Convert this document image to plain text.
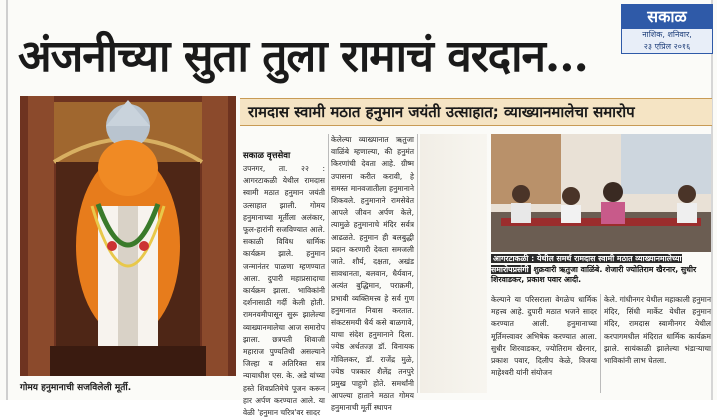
सकाळ
नाशिक, शनिवार,
२३ एप्रिल २०१६
अंजनीच्या सुता तुला रामाचं वरदान...
गोमय हनुमानाची सजविलेली मूर्ती.
रामदास स्वामी मठात हनुमान जयंती उत्साहात; व्याख्यानमालेचा समारोप
सकाळ वृत्तसेवा
उपनगर, ता. २२ : आगरटाकळी येथील रामदास स्वामी मठात हनुमान जयंती उत्साहात झाली. गोमय हनुमानाच्या मूर्तीला अलंकार, फूल-हारांनी सजविण्यात आले. सकाळी विविध धार्मिक कार्यक्रम झाले. हनुमान जन्मानंतर पाळणा म्हणण्यात आला. दुपारी महाप्रसादाचा कार्यक्रम झाला. भाविकांनी दर्शनासाठी गर्दी केली होती. रामनवमीपासून सुरू झालेल्या व्याख्यानमालेचा आज समारोप झाला. छत्रपती शिवाजी महाराज पुण्यतिथी असल्याने जिल्हा व अतिरिक्त सत्र न्यायाधीश एस. के. अडे यांच्या हस्ते शिवप्रतिमेचे पूजन करून हार अर्पण करण्यात आले. या वेळी 'हनुमान चरित्र'वर सादर
केलेल्या व्याख्यानात ऋतुजा वाळिंबे म्हणाल्या, की हनुमंत किरणांची देवता आहे. ग्रीष्म उपासना करीत करावी, हे समस्त मानवजातीला हनुमानाने शिकवले. हनुमानाने रामसेवेत आपले जीवन अर्पण केले, त्यामुळे हनुमानाचे मंदिर सर्वत्र आढळते. हनुमान ही बलबुद्धी प्रदान करणारी देवता समजली जाते. शौर्य, दक्षता, अखंड सावधानता, बलवान, धैर्यवान, अत्यंत बुद्धिमान, पराक्रमी, प्रभावी व्यक्तिमत्त्व हे सर्व गुण हनुमानात निवास करतात. संकटसमयी धैर्य कसे बाळगावे, याचा संदेश हनुमानाने दिला. ज्येष्ठ अर्थतज्ज्ञ डॉ. विनायक गोविलकर, डॉ. राजेंद्र मुळे, ज्येष्ठ पत्रकार शैलेंद्र तनपुरे प्रमुख पाहुणे होते. समर्थांनी आपल्या हाताने मठात गोमय हनुमानाची मूर्ती स्थापन
आगरटाकळी : येथील समर्थ रामदास स्वामी मठात व्याख्यानमालेच्या समारोपप्रसंगी शुक्रवारी ऋतुजा वाळिंबे. शेजारी ज्योतिराम खैरनार, सुधीर शिरवाडकर, प्रकाश पवार आदी.
केल्याने या परिसराला वेगळेच धार्मिक महत्त्व आहे. दुपारी मठात भजने सादर करण्यात आली. हनुमानाच्या मूर्तिमत्त्वावर अभिषेक करण्यात आला. सुधीर शिरवाडकर, ज्योतिराम खैरनार, प्रकाश पवार, दिलीप केळे, विजया माहेश्वरी यांनी संयोजन
केले. गांधीनगर येथील महाकाली हनुमान मंदिर, सिंधी मार्केट येथील हनुमान मंदिर, रामदास स्वामीनगर येथील करपागमधील मंदिरात धार्मिक कार्यक्रम झाले. सायंकाळी झालेल्या भंडाऱ्याचा भाविकांनी लाभ घेतला.
